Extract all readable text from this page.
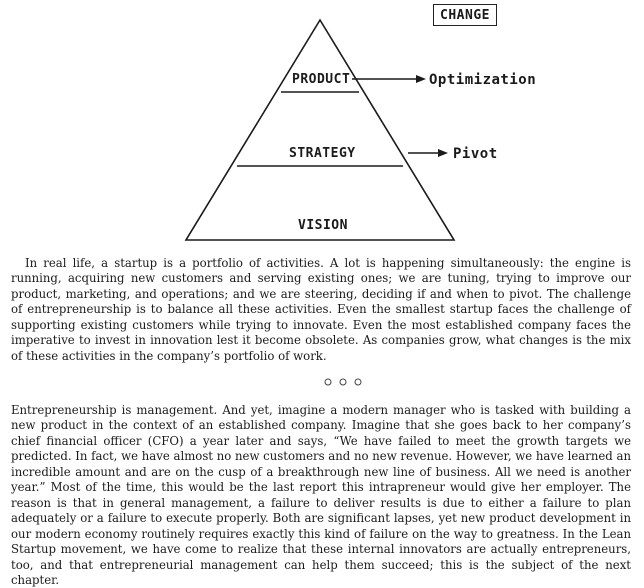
CHANGE
PRODUCT	Optimization
STRATEGY	Pivot
VISION

In real life, a startup is a portfolio of activities. A lot is happening simultaneously: the engine is running, acquiring new customers and serving existing ones; we are tuning, trying to improve our product, marketing, and operations; and we are steering, deciding if and when to pivot. The challenge of entrepreneurship is to balance all these activities. Even the smallest startup faces the challenge of supporting existing customers while trying to innovate. Even the most established company faces the imperative to invest in innovation lest it become obsolete. As companies grow, what changes is the mix of these activities in the company’s portfolio of work.

Entrepreneurship is management. And yet, imagine a modern manager who is tasked with building a new product in the context of an established company. Imagine that she goes back to her company’s chief financial officer (CFO) a year later and says, “We have failed to meet the growth targets we predicted. In fact, we have almost no new customers and no new revenue. However, we have learned an incredible amount and are on the cusp of a breakthrough new line of business. All we need is another year.” Most of the time, this would be the last report this intrapreneur would give her employer. The reason is that in general management, a failure to deliver results is due to either a failure to plan adequately or a failure to execute properly. Both are significant lapses, yet new product development in our modern economy routinely requires exactly this kind of failure on the way to greatness. In the Lean Startup movement, we have come to realize that these internal innovators are actually entrepreneurs, too, and that entrepreneurial management can help them succeed; this is the subject of the next chapter.
